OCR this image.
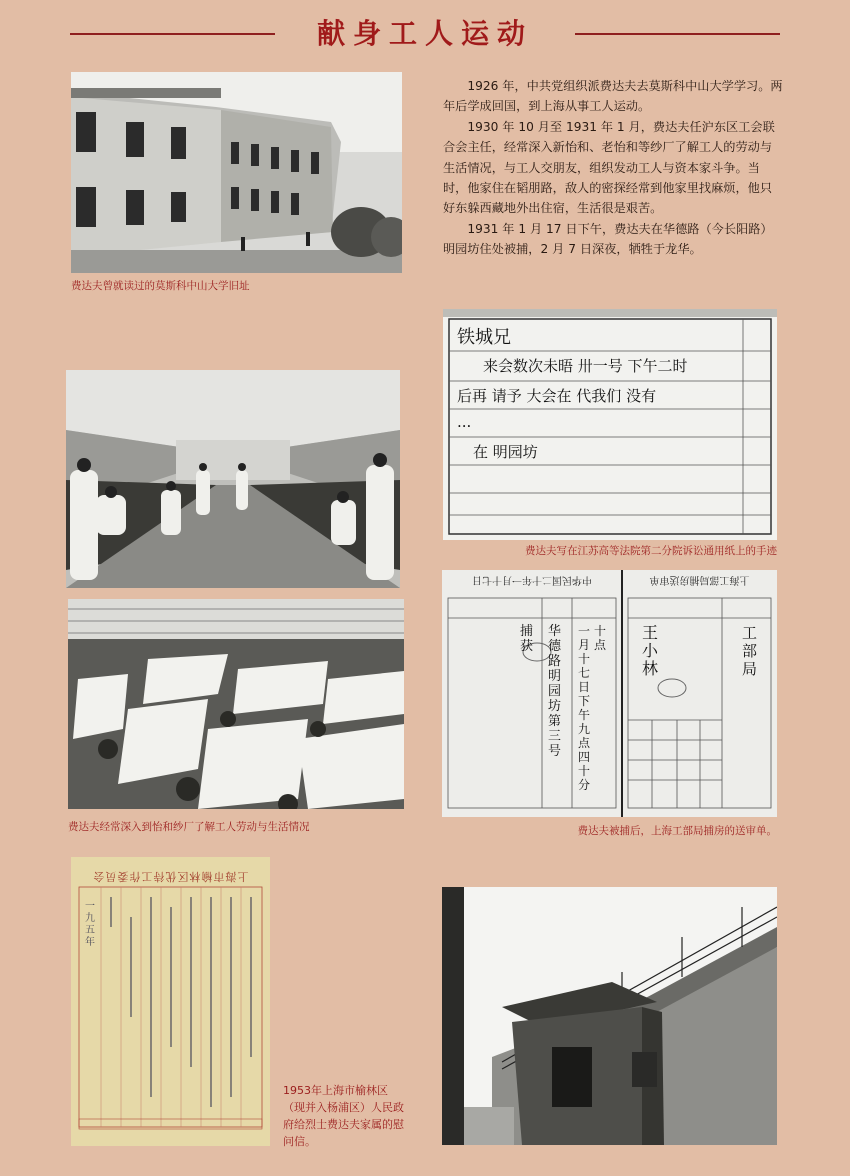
献身工人运动
费达夫曾就读过的莫斯科中山大学旧址

1926 年，中共党组织派费达夫去莫斯科中山大学学习。两年后学成回国，到上海从事工人运动。

1930 年 10 月至 1931 年 1 月，费达夫任沪东区工会联合会主任，经常深入新怡和、老怡和等纱厂了解工人的劳动与生活情况，与工人交朋友，组织发动工人与资本家斗争。当时，他家住在韬朋路，敌人的密探经常到他家里找麻烦，他只好东躲西藏地外出住宿，生活很是艰苦。

1931 年 1 月 17 日下午，费达夫在华德路（今长阳路）明园坊住处被捕，2 月 7 日深夜，牺牲于龙华。

铁城兄
来会数次未晤 卅一号 下午二时
后再 请予 大会在 代我们 没有
...
在 明园坊
费达夫写在江苏高等法院第二分院诉讼通用纸上的手迹
费达夫经常深入到怡和纱厂了解工人劳动与生活情况
中华民国二十年一月十七日	上海工部局捕房送审单
华德路明园坊第三号
一月十七日下午九点四十分
捕获
十点
王小林
工部局
费达夫被捕后，上海工部局捕房的送审单。
上海市榆林区优待工作委员会
一九五年
1953年上海市榆林区（现并入杨浦区）人民政府给烈士费达夫家属的慰问信。
